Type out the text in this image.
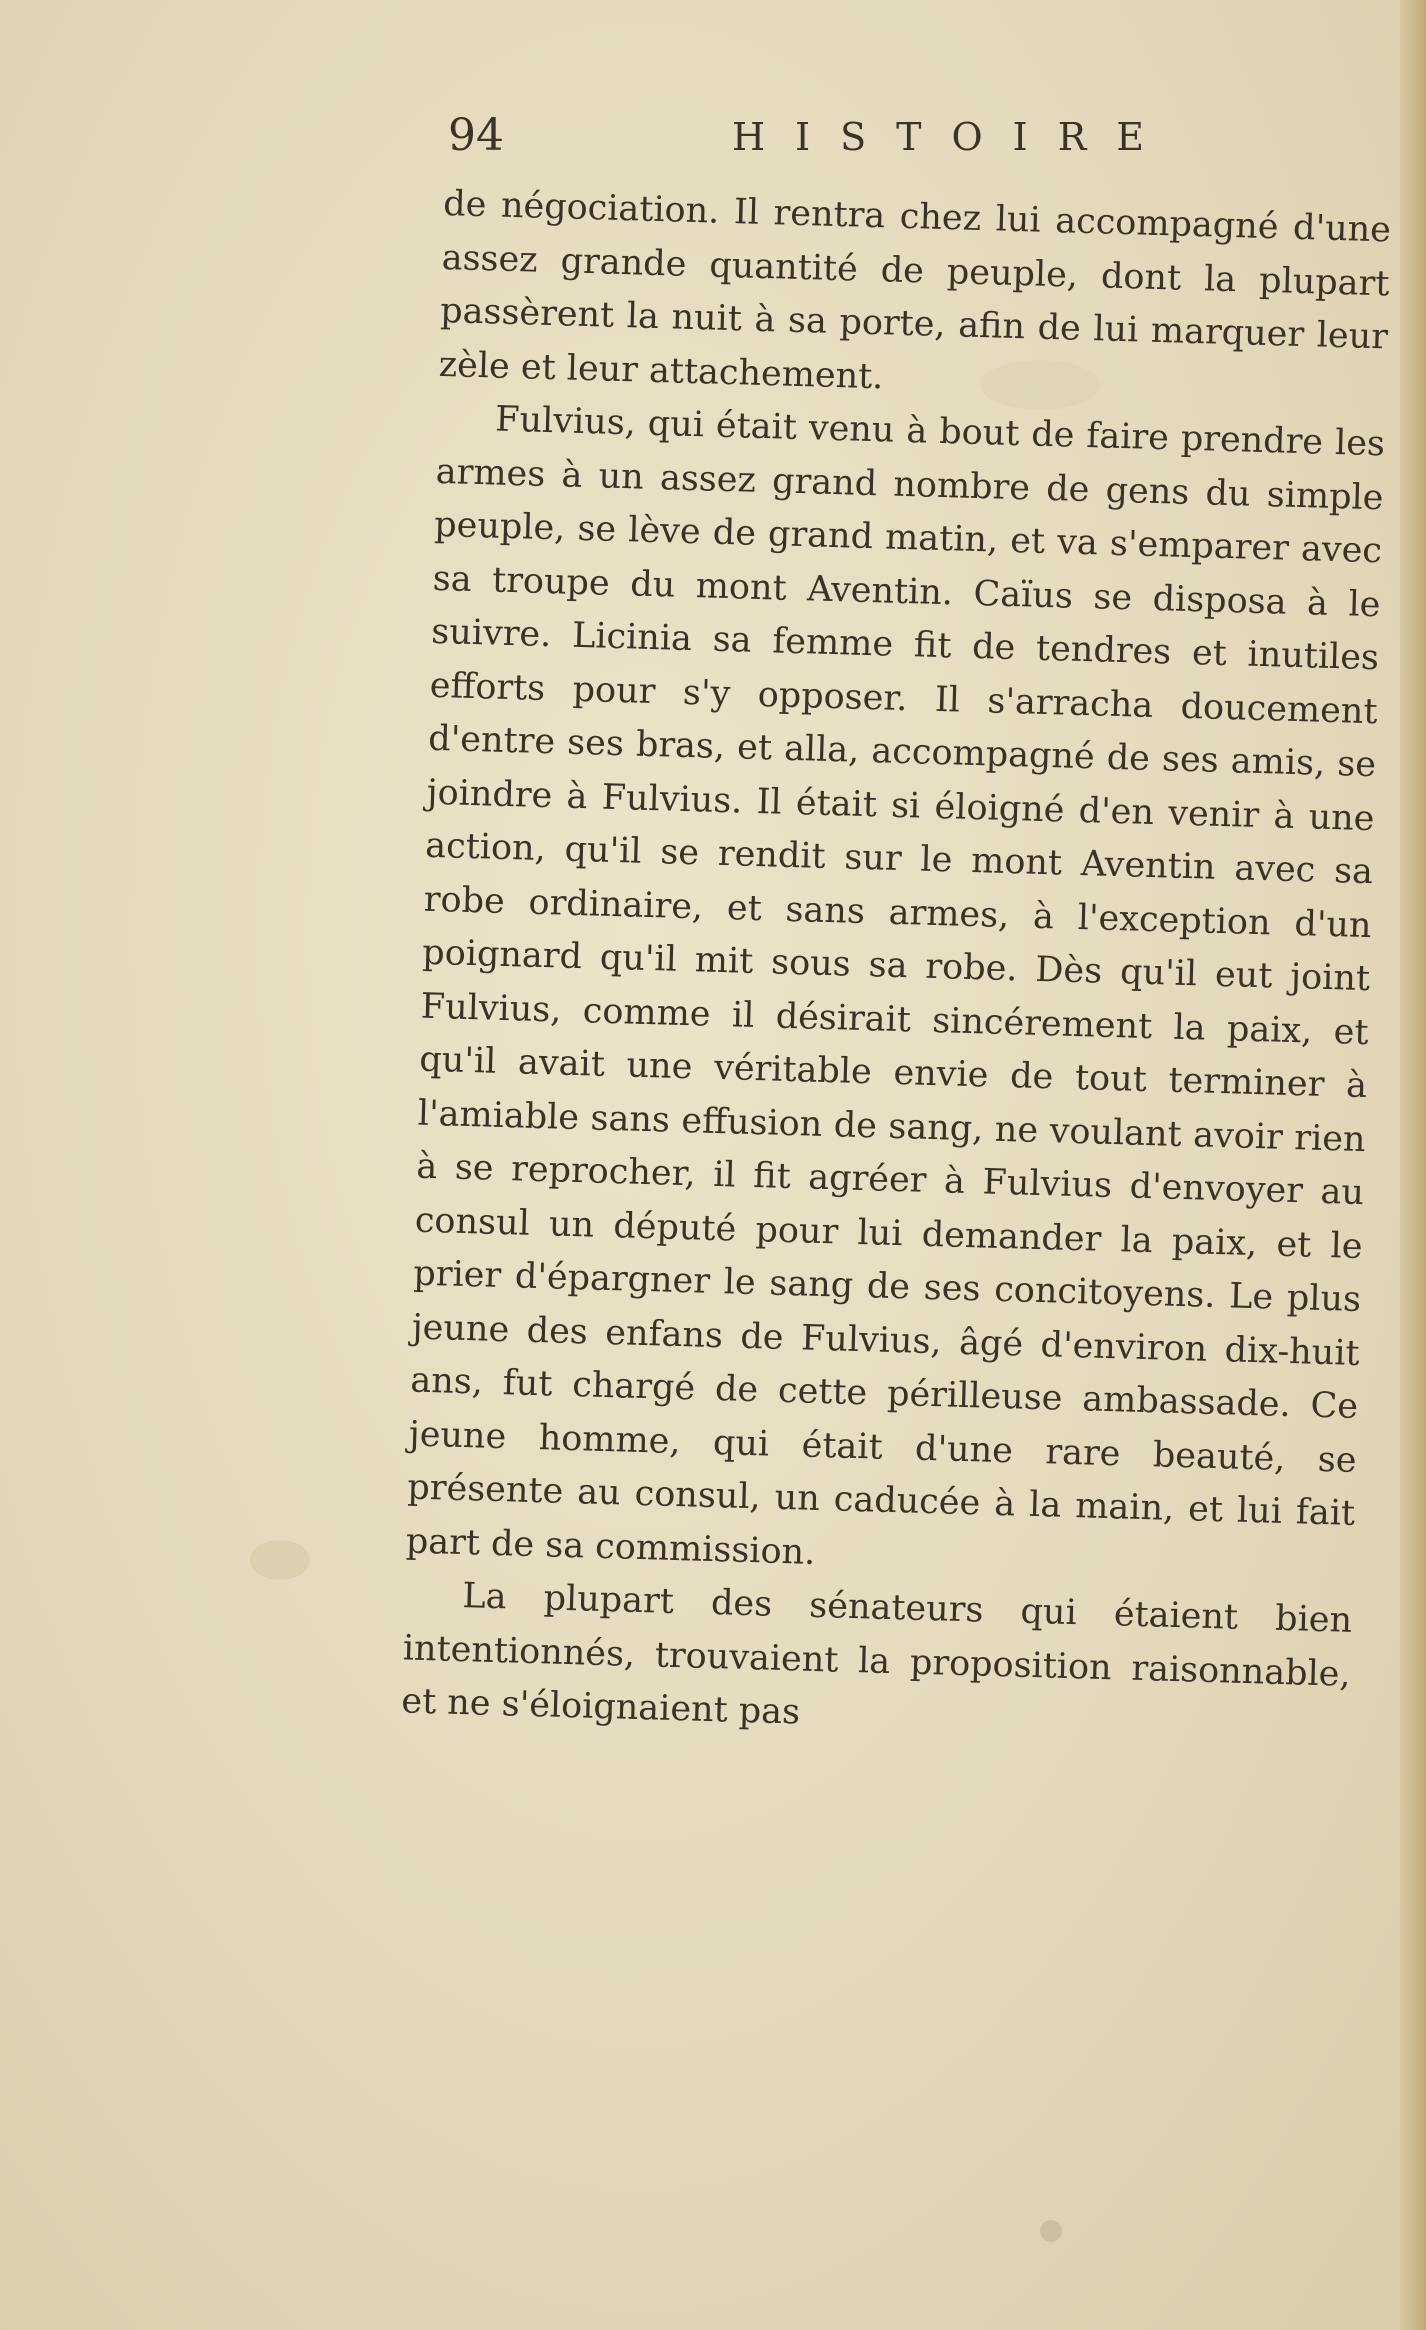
94	HISTOIRE

de négociation. Il rentra chez lui accompagné d'une assez grande quantité de peuple, dont la plupart passèrent la nuit à sa porte, afin de lui marquer leur zèle et leur attachement.

Fulvius, qui était venu à bout de faire prendre les armes à un assez grand nombre de gens du simple peuple, se lève de grand matin, et va s'emparer avec sa troupe du mont Aventin. Caïus se disposa à le suivre. Licinia sa femme fit de tendres et inutiles efforts pour s'y opposer. Il s'arracha doucement d'entre ses bras, et alla, accompagné de ses amis, se joindre à Fulvius. Il était si éloigné d'en venir à une action, qu'il se rendit sur le mont Aventin avec sa robe ordinaire, et sans armes, à l'exception d'un poignard qu'il mit sous sa robe. Dès qu'il eut joint Fulvius, comme il désirait sincérement la paix, et qu'il avait une véritable envie de tout terminer à l'amiable sans effusion de sang, ne voulant avoir rien à se reprocher, il fit agréer à Fulvius d'envoyer au consul un député pour lui demander la paix, et le prier d'épargner le sang de ses concitoyens. Le plus jeune des enfans de Fulvius, âgé d'environ dix-huit ans, fut chargé de cette périlleuse ambassade. Ce jeune homme, qui était d'une rare beauté, se présente au consul, un caducée à la main, et lui fait part de sa commission.

La plupart des sénateurs qui étaient bien intentionnés, trouvaient la proposition raisonnable, et ne s'éloignaient pas
